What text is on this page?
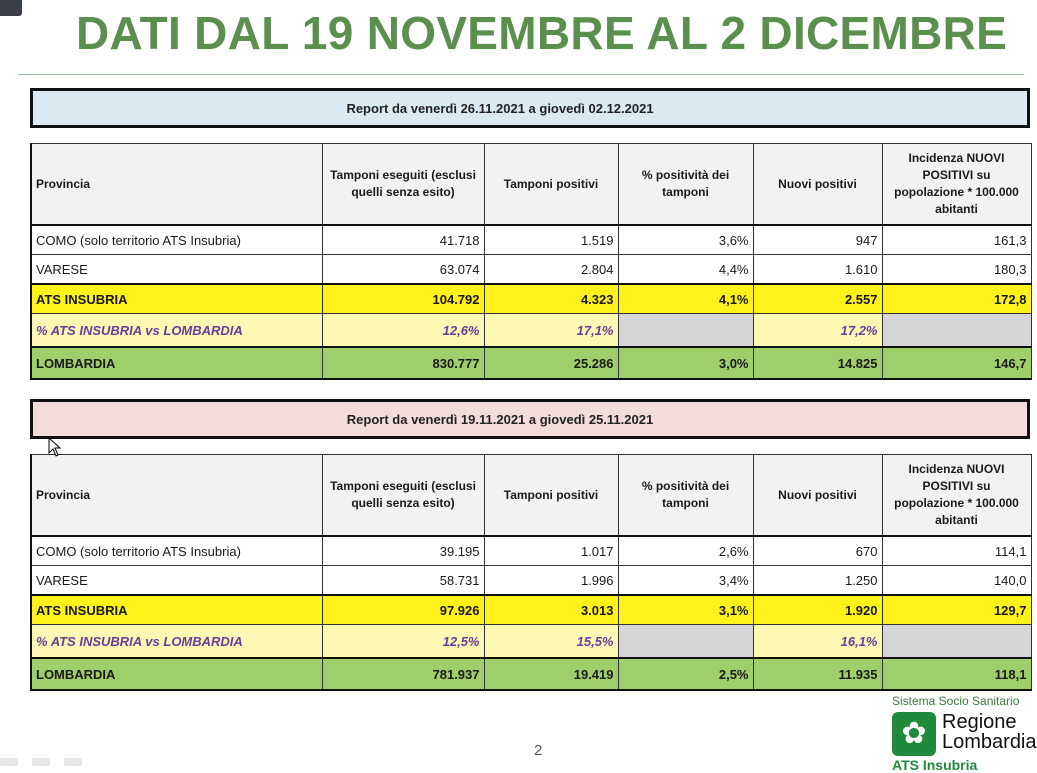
DATI DAL 19 NOVEMBRE AL 2 DICEMBRE
Report da venerdì 26.11.2021 a giovedì 02.12.2021
Provincia	Tamponi eseguiti (esclusi quelli senza esito)	Tamponi positivi	% positività dei tamponi	Nuovi positivi	Incidenza NUOVI POSITIVI su popolazione * 100.000 abitanti
COMO (solo territorio ATS Insubria)	41.718	1.519	3,6%	947	161,3
VARESE	63.074	2.804	4,4%	1.610	180,3
ATS INSUBRIA	104.792	4.323	4,1%	2.557	172,8
% ATS INSUBRIA vs LOMBARDIA	12,6%	17,1%		17,2%	
LOMBARDIA	830.777	25.286	3,0%	14.825	146,7
Report da venerdì 19.11.2021 a giovedì 25.11.2021
Provincia	Tamponi eseguiti (esclusi quelli senza esito)	Tamponi positivi	% positività dei tamponi	Nuovi positivi	Incidenza NUOVI POSITIVI su popolazione * 100.000 abitanti
COMO (solo territorio ATS Insubria)	39.195	1.017	2,6%	670	114,1
VARESE	58.731	1.996	3,4%	1.250	140,0
ATS INSUBRIA	97.926	3.013	3,1%	1.920	129,7
% ATS INSUBRIA vs LOMBARDIA	12,5%	15,5%		16,1%	
LOMBARDIA	781.937	19.419	2,5%	11.935	118,1
2
Sistema Socio Sanitario
✿ Regione
Lombardia
ATS Insubria
